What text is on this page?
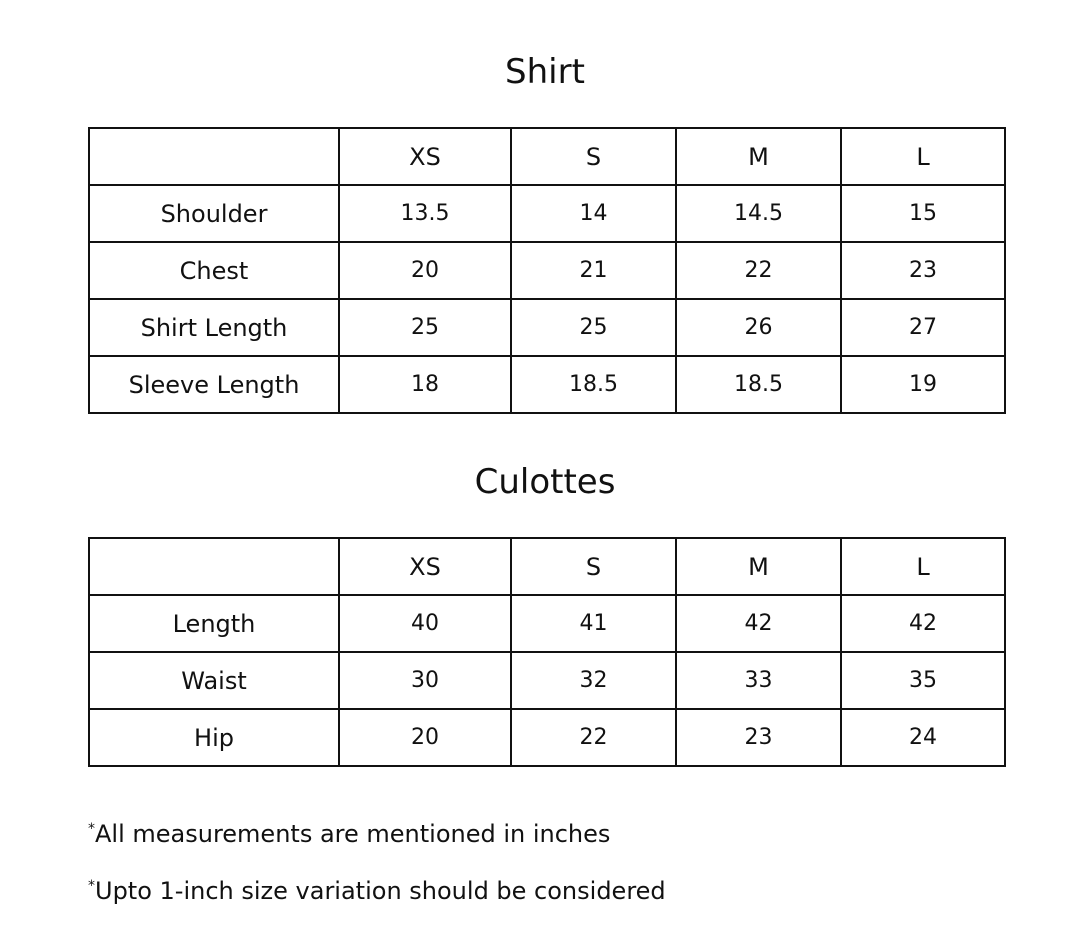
Shirt
	XS	S	M	L
Shoulder	13.5	14	14.5	15
Chest	20	21	22	23
Shirt Length	25	25	26	27
Sleeve Length	18	18.5	18.5	19
Culottes
	XS	S	M	L
Length	40	41	42	42
Waist	30	32	33	35
Hip	20	22	23	24

*All measurements are mentioned in inches

*Upto 1-inch size variation should be considered
